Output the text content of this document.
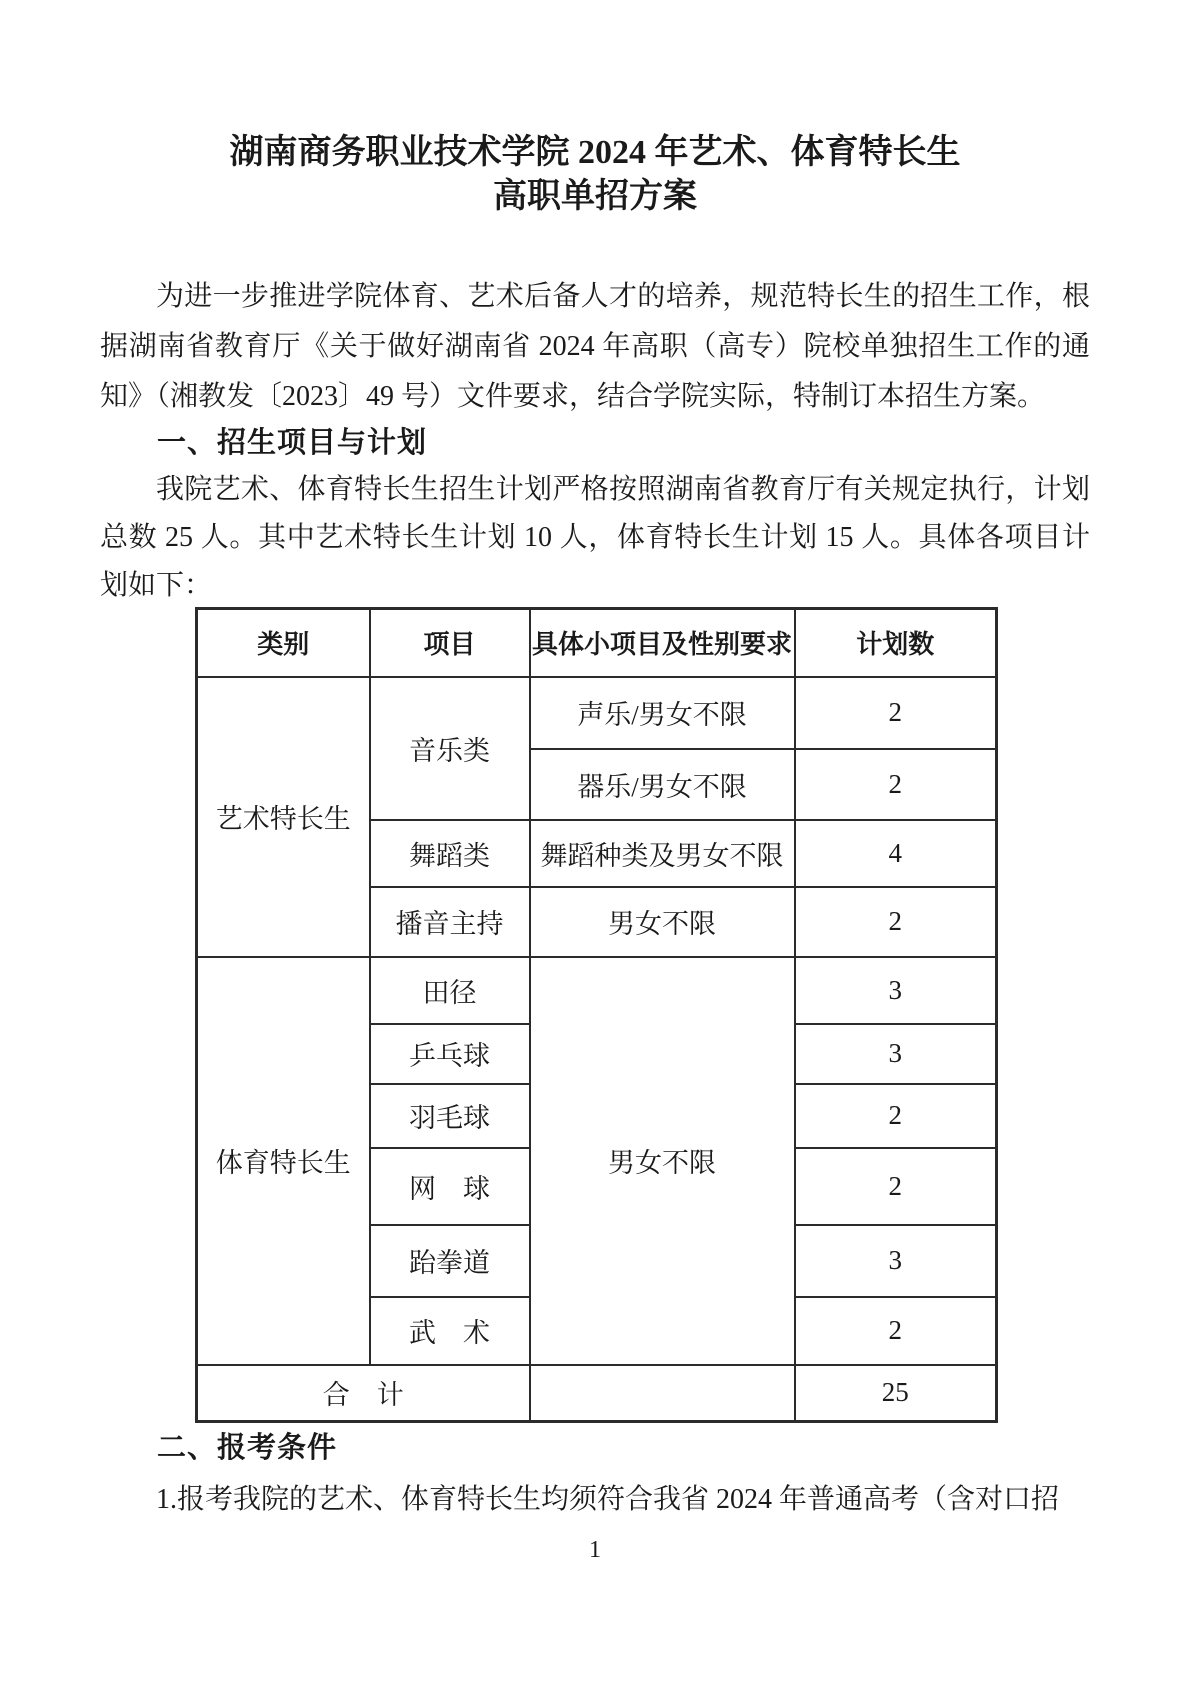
湖南商务职业技术学院 2024 年艺术、体育特长生
高职单招方案

为进一步推进学院体育、艺术后备人才的培养，规范特长生的招生工作，根据湖南省教育厅《关于做好湖南省 2024 年高职（高专）院校单独招生工作的通知》（湘教发〔2023〕49 号）文件要求，结合学院实际，特制订本招生方案。

一、招生项目与计划

我院艺术、体育特长生招生计划严格按照湖南省教育厅有关规定执行，计划总数 25 人。其中艺术特长生计划 10 人，体育特长生计划 15 人。具体各项目计划如下：

类别	项目	具体小项目及性别要求	计划数
艺术特长生	音乐类	声乐/男女不限	2
		器乐/男女不限	2
	舞蹈类	舞蹈种类及男女不限	4
	播音主持	男女不限	2
体育特长生	田径	男女不限	3
	乒乓球		3
	羽毛球		2
	网　球		2
	跆拳道		3
	武　术		2
合　计			25
二、报考条件

1.报考我院的艺术、体育特长生均须符合我省 2024 年普通高考（含对口招

1
